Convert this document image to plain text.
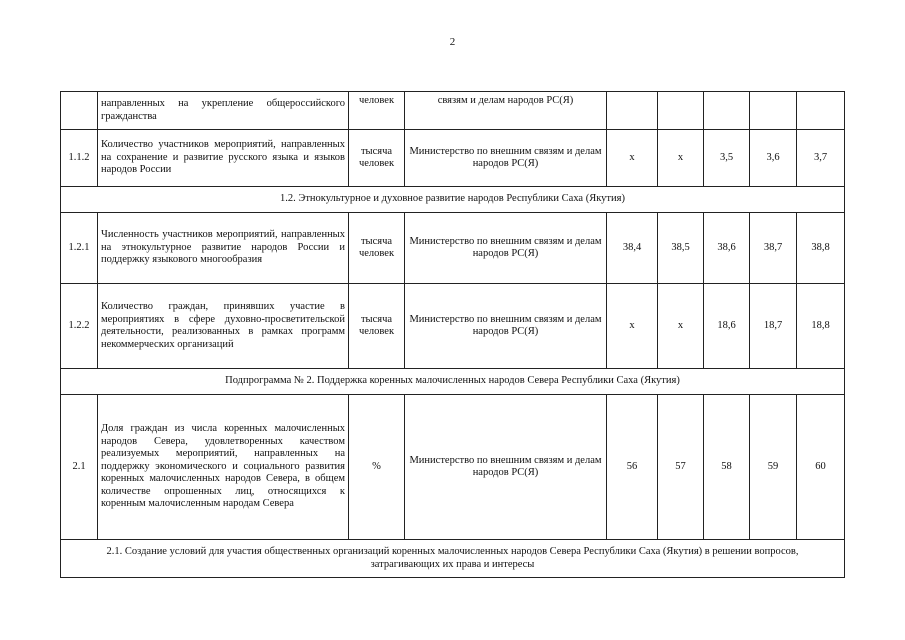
2
	направленных на укрепление общероссийского гражданства	человек	связям и делам народов РС(Я)					
1.1.2	Количество участников мероприятий, направленных на сохранение и развитие русского языка и языков народов России	тысяча человек	Министерство по внешним связям и делам народов РС(Я)	x	x	3,5	3,6	3,7
1.2. Этнокультурное и духовное развитие народов Республики Саха (Якутия)								
1.2.1	Численность участников мероприятий, направленных на этнокультурное развитие народов России и поддержку языкового многообразия	тысяча человек	Министерство по внешним связям и делам народов РС(Я)	38,4	38,5	38,6	38,7	38,8
1.2.2	Количество граждан, принявших участие в мероприятиях в сфере духовно-просветительской деятельности, реализованных в рамках программ некоммерческих организаций	тысяча человек	Министерство по внешним связям и делам народов РС(Я)	x	x	18,6	18,7	18,8
Подпрограмма № 2. Поддержка коренных малочисленных народов Севера Республики Саха (Якутия)								
2.1	Доля граждан из числа коренных малочисленных народов Севера, удовлетворенных качеством реализуемых мероприятий, направленных на поддержку экономического и социального развития коренных малочисленных народов Севера, в общем количестве опрошенных лиц, относящихся к коренным малочисленным народам Севера	%	Министерство по внешним связям и делам народов РС(Я)	56	57	58	59	60
2.1. Создание условий для участия общественных организаций коренных малочисленных народов Севера Республики Саха (Якутия) в решении вопросов, затрагивающих их права и интересы								
